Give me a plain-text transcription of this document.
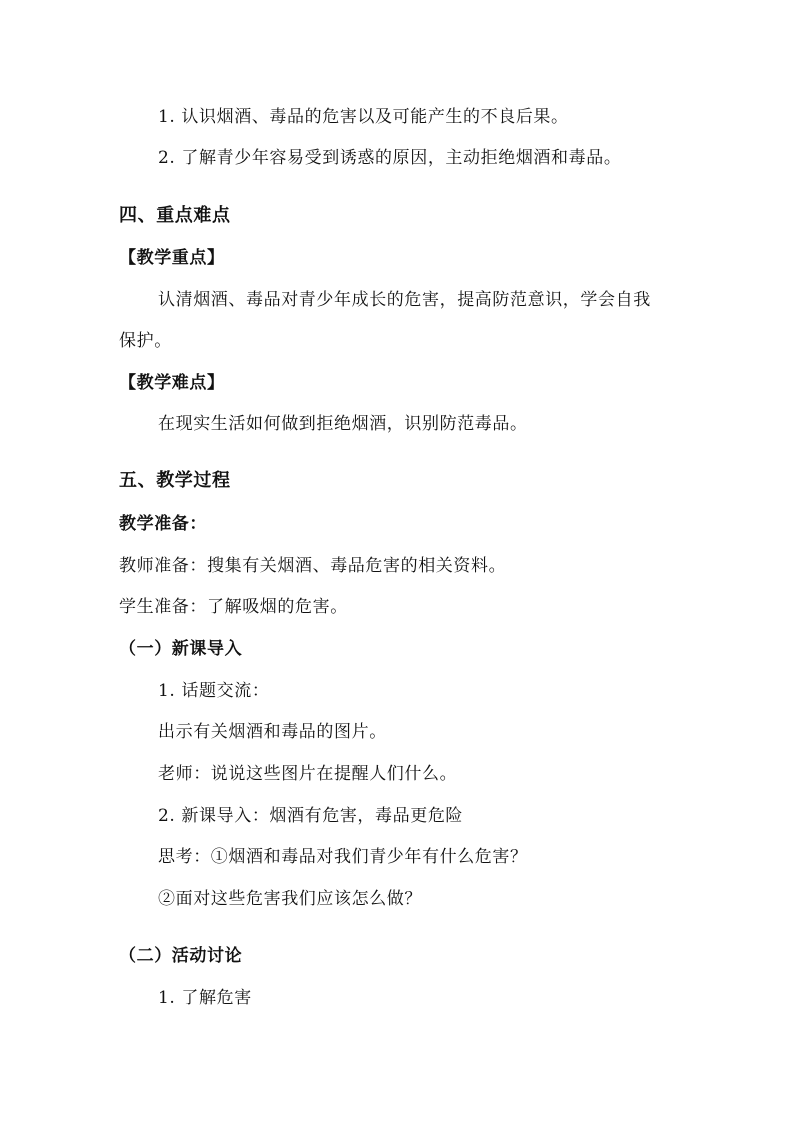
1. 认识烟酒、毒品的危害以及可能产生的不良后果。
2. 了解青少年容易受到诱惑的原因，主动拒绝烟酒和毒品。
四、重点难点
【教学重点】
认清烟酒、毒品对青少年成长的危害，提高防范意识，学会自我
保护。
【教学难点】
在现实生活如何做到拒绝烟酒，识别防范毒品。
五、教学过程
教学准备：
教师准备：搜集有关烟酒、毒品危害的相关资料。
学生准备：了解吸烟的危害。
（一）新课导入
1. 话题交流：
出示有关烟酒和毒品的图片。
老师：说说这些图片在提醒人们什么。
2. 新课导入：烟酒有危害，毒品更危险
思考：①烟酒和毒品对我们青少年有什么危害？
②面对这些危害我们应该怎么做？
（二）活动讨论
1. 了解危害
